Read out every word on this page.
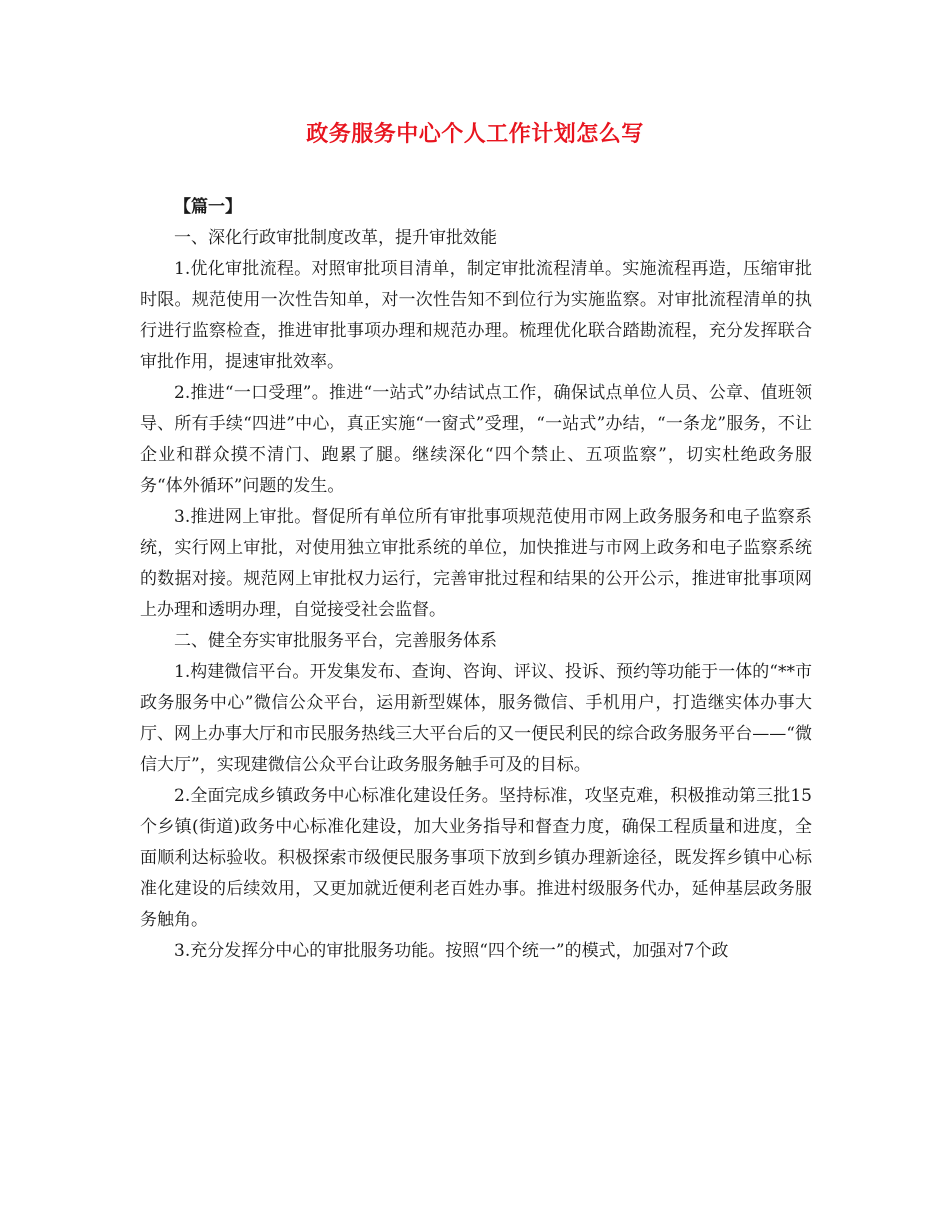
政务服务中心个人工作计划怎么写

【篇一】

一、深化行政审批制度改革，提升审批效能

1.优化审批流程。对照审批项目清单，制定审批流程清单。实施流程再造，压缩审批时限。规范使用一次性告知单，对一次性告知不到位行为实施监察。对审批流程清单的执行进行监察检查，推进审批事项办理和规范办理。梳理优化联合踏勘流程，充分发挥联合审批作用，提速审批效率。

2.推进“一口受理”。推进“一站式”办结试点工作，确保试点单位人员、公章、值班领导、所有手续“四进”中心，真正实施“一窗式”受理，“一站式”办结，“一条龙”服务，不让企业和群众摸不清门、跑累了腿。继续深化“四个禁止、五项监察”，切实杜绝政务服务“体外循环”问题的发生。

3.推进网上审批。督促所有单位所有审批事项规范使用市网上政务服务和电子监察系统，实行网上审批，对使用独立审批系统的单位，加快推进与市网上政务和电子监察系统的数据对接。规范网上审批权力运行，完善审批过程和结果的公开公示，推进审批事项网上办理和透明办理，自觉接受社会监督。

二、健全夯实审批服务平台，完善服务体系

1.构建微信平台。开发集发布、查询、咨询、评议、投诉、预约等功能于一体的“**市政务服务中心”微信公众平台，运用新型媒体，服务微信、手机用户，打造继实体办事大厅、网上办事大厅和市民服务热线三大平台后的又一便民利民的综合政务服务平台——“微信大厅”，实现建微信公众平台让政务服务触手可及的目标。

2.全面完成乡镇政务中心标准化建设任务。坚持标准，攻坚克难，积极推动第三批15个乡镇(街道)政务中心标准化建设，加大业务指导和督查力度，确保工程质量和进度，全面顺利达标验收。积极探索市级便民服务事项下放到乡镇办理新途径，既发挥乡镇中心标准化建设的后续效用，又更加就近便利老百姓办事。推进村级服务代办，延伸基层政务服务触角。

3.充分发挥分中心的审批服务功能。按照“四个统一”的模式，加强对7个政
